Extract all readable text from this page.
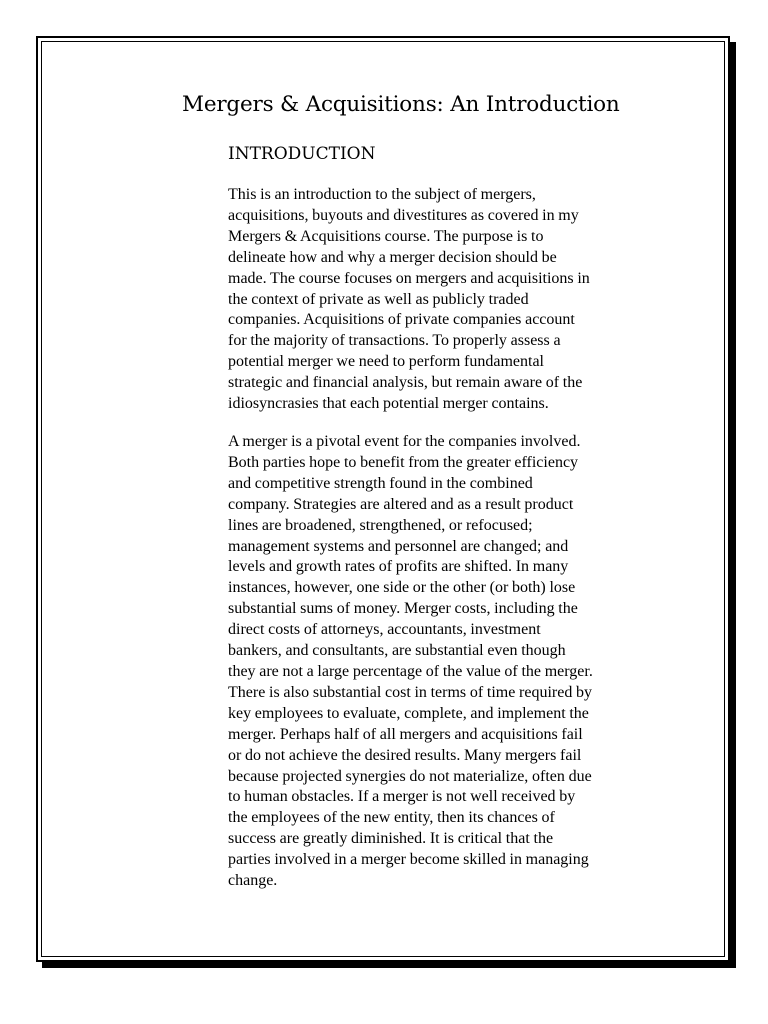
Mergers & Acquisitions: An Introduction
INTRODUCTION

This is an introduction to the subject of mergers,
acquisitions, buyouts and divestitures as covered in my
Mergers & Acquisitions course. The purpose is to
delineate how and why a merger decision should be
made. The course focuses on mergers and acquisitions in
the context of private as well as publicly traded
companies. Acquisitions of private companies account
for the majority of transactions. To properly assess a
potential merger we need to perform fundamental
strategic and financial analysis, but remain aware of the
idiosyncrasies that each potential merger contains.

A merger is a pivotal event for the companies involved.
Both parties hope to benefit from the greater efficiency
and competitive strength found in the combined
company. Strategies are altered and as a result product
lines are broadened, strengthened, or refocused;
management systems and personnel are changed; and
levels and growth rates of profits are shifted. In many
instances, however, one side or the other (or both) lose
substantial sums of money. Merger costs, including the
direct costs of attorneys, accountants, investment
bankers, and consultants, are substantial even though
they are not a large percentage of the value of the merger.
There is also substantial cost in terms of time required by
key employees to evaluate, complete, and implement the
merger. Perhaps half of all mergers and acquisitions fail
or do not achieve the desired results. Many mergers fail
because projected synergies do not materialize, often due
to human obstacles. If a merger is not well received by
the employees of the new entity, then its chances of
success are greatly diminished. It is critical that the
parties involved in a merger become skilled in managing
change.
